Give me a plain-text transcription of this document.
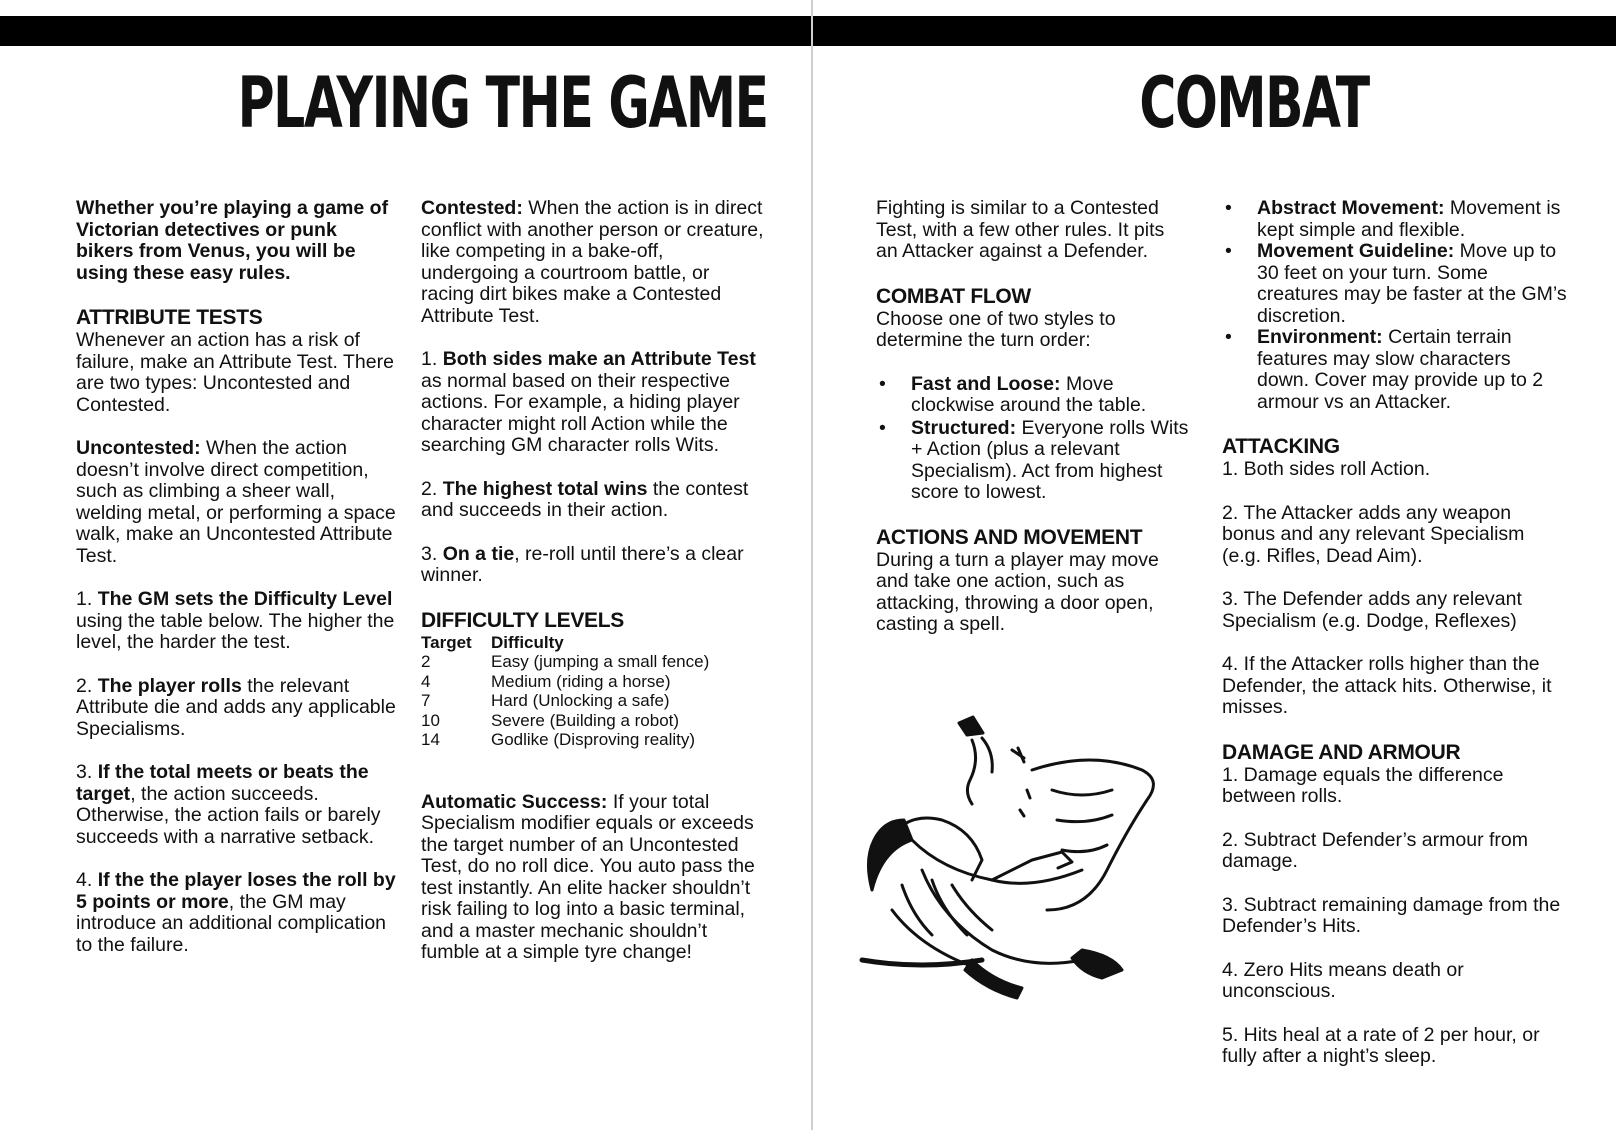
PLAYING THE GAME	COMBAT

Whether you’re playing a game of Victorian detectives or punk bikers from Venus, you will be using these easy rules.

ATTRIBUTE TESTS

Whenever an action has a risk of failure, make an Attribute Test. There are two types: Uncontested and Contested.

Uncontested: When the action doesn’t involve direct competition, such as climbing a sheer wall, welding metal, or performing a space walk, make an Uncontested Attribute Test.

1. The GM sets the Difficulty Level using the table below. The higher the level, the harder the test.

2. The player rolls the relevant Attribute die and adds any applicable Specialisms.

3. If the total meets or beats the target, the action succeeds. Otherwise, the action fails or barely succeeds with a narrative setback.

4. If the the player loses the roll by 5 points or more, the GM may introduce an additional complication to the failure.

Contested: When the action is in direct conflict with another person or creature, like competing in a bake-off, undergoing a courtroom battle, or racing dirt bikes make a Contested Attribute Test.

1. Both sides make an Attribute Test as normal based on their respective actions. For example, a hiding player character might roll Action while the searching GM character rolls Wits.

2. The highest total wins the contest and succeeds in their action.

3. On a tie, re-roll until there’s a clear winner.

DIFFICULTY LEVELS
Target	Difficulty
2	Easy (jumping a small fence)
4	Medium (riding a horse)
7	Hard (Unlocking a safe)
10	Severe (Building a robot)
14	Godlike (Disproving reality)

Automatic Success: If your total Specialism modifier equals or exceeds the target number of an Uncontested Test, do no roll dice. You auto pass the test instantly. An elite hacker shouldn’t risk failing to log into a basic terminal, and a master mechanic shouldn’t fumble at a simple tyre change!

Fighting is similar to a Contested Test, with a few other rules. It pits an Attacker against a Defender.

COMBAT FLOW

Choose one of two styles to determine the turn order:

• Fast and Loose: Move clockwise around the table.
• Structured: Everyone rolls Wits + Action (plus a relevant Specialism). Act from highest score to lowest.
ACTIONS AND MOVEMENT

During a turn a player may move and take one action, such as attacking, throwing a door open, casting a spell.

• Abstract Movement: Movement is kept simple and flexible.
• Movement Guideline: Move up to 30 feet on your turn. Some creatures may be faster at the GM’s discretion.
• Environment: Certain terrain features may slow characters down. Cover may provide up to 2 armour vs an Attacker.
ATTACKING

1. Both sides roll Action.

2. The Attacker adds any weapon bonus and any relevant Specialism (e.g. Rifles, Dead Aim).

3. The Defender adds any relevant Specialism (e.g. Dodge, Reflexes)

4. If the Attacker rolls higher than the Defender, the attack hits. Otherwise, it misses.

DAMAGE AND ARMOUR

1. Damage equals the difference between rolls.

2. Subtract Defender’s armour from damage.

3. Subtract remaining damage from the Defender’s Hits.

4. Zero Hits means death or unconscious.

5. Hits heal at a rate of 2 per hour, or fully after a night’s sleep.
